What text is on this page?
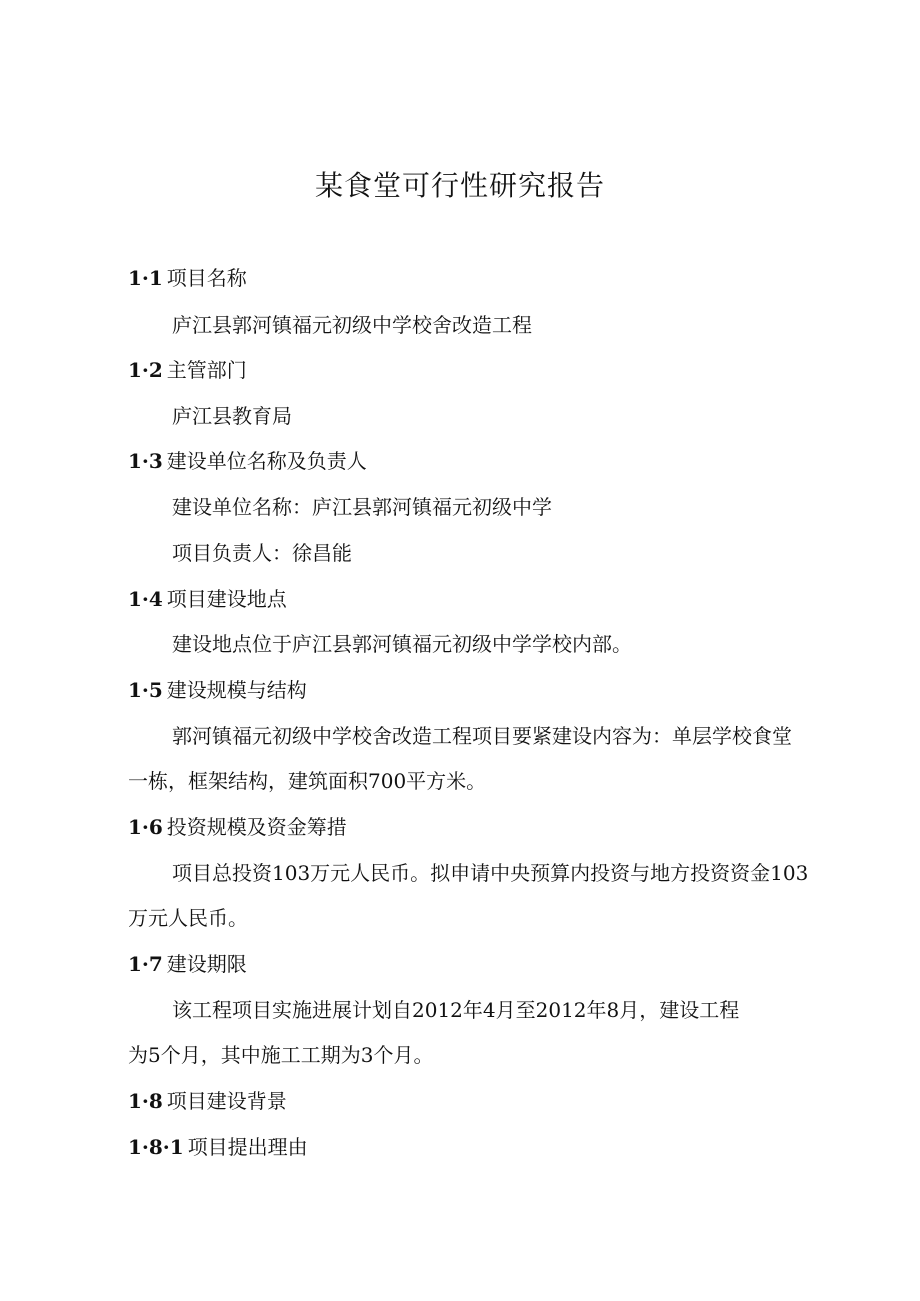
某食堂可行性研究报告
1·1 项目名称
庐江县郭河镇福元初级中学校舍改造工程
1·2 主管部门
庐江县教育局
1·3 建设单位名称及负责人
建设单位名称：庐江县郭河镇福元初级中学
项目负责人：徐昌能
1·4 项目建设地点
建设地点位于庐江县郭河镇福元初级中学学校内部。
1·5 建设规模与结构
郭河镇福元初级中学校舍改造工程项目要紧建设内容为：单层学校食堂
一栋，框架结构，建筑面积700平方米。
1·6 投资规模及资金筹措
项目总投资103万元人民币。拟申请中央预算内投资与地方投资资金103
万元人民币。
1·7 建设期限
该工程项目实施进展计划自2012年4月至2012年8月，建设工程
为5个月，其中施工工期为3个月。
1·8 项目建设背景
1·8·1 项目提出理由
